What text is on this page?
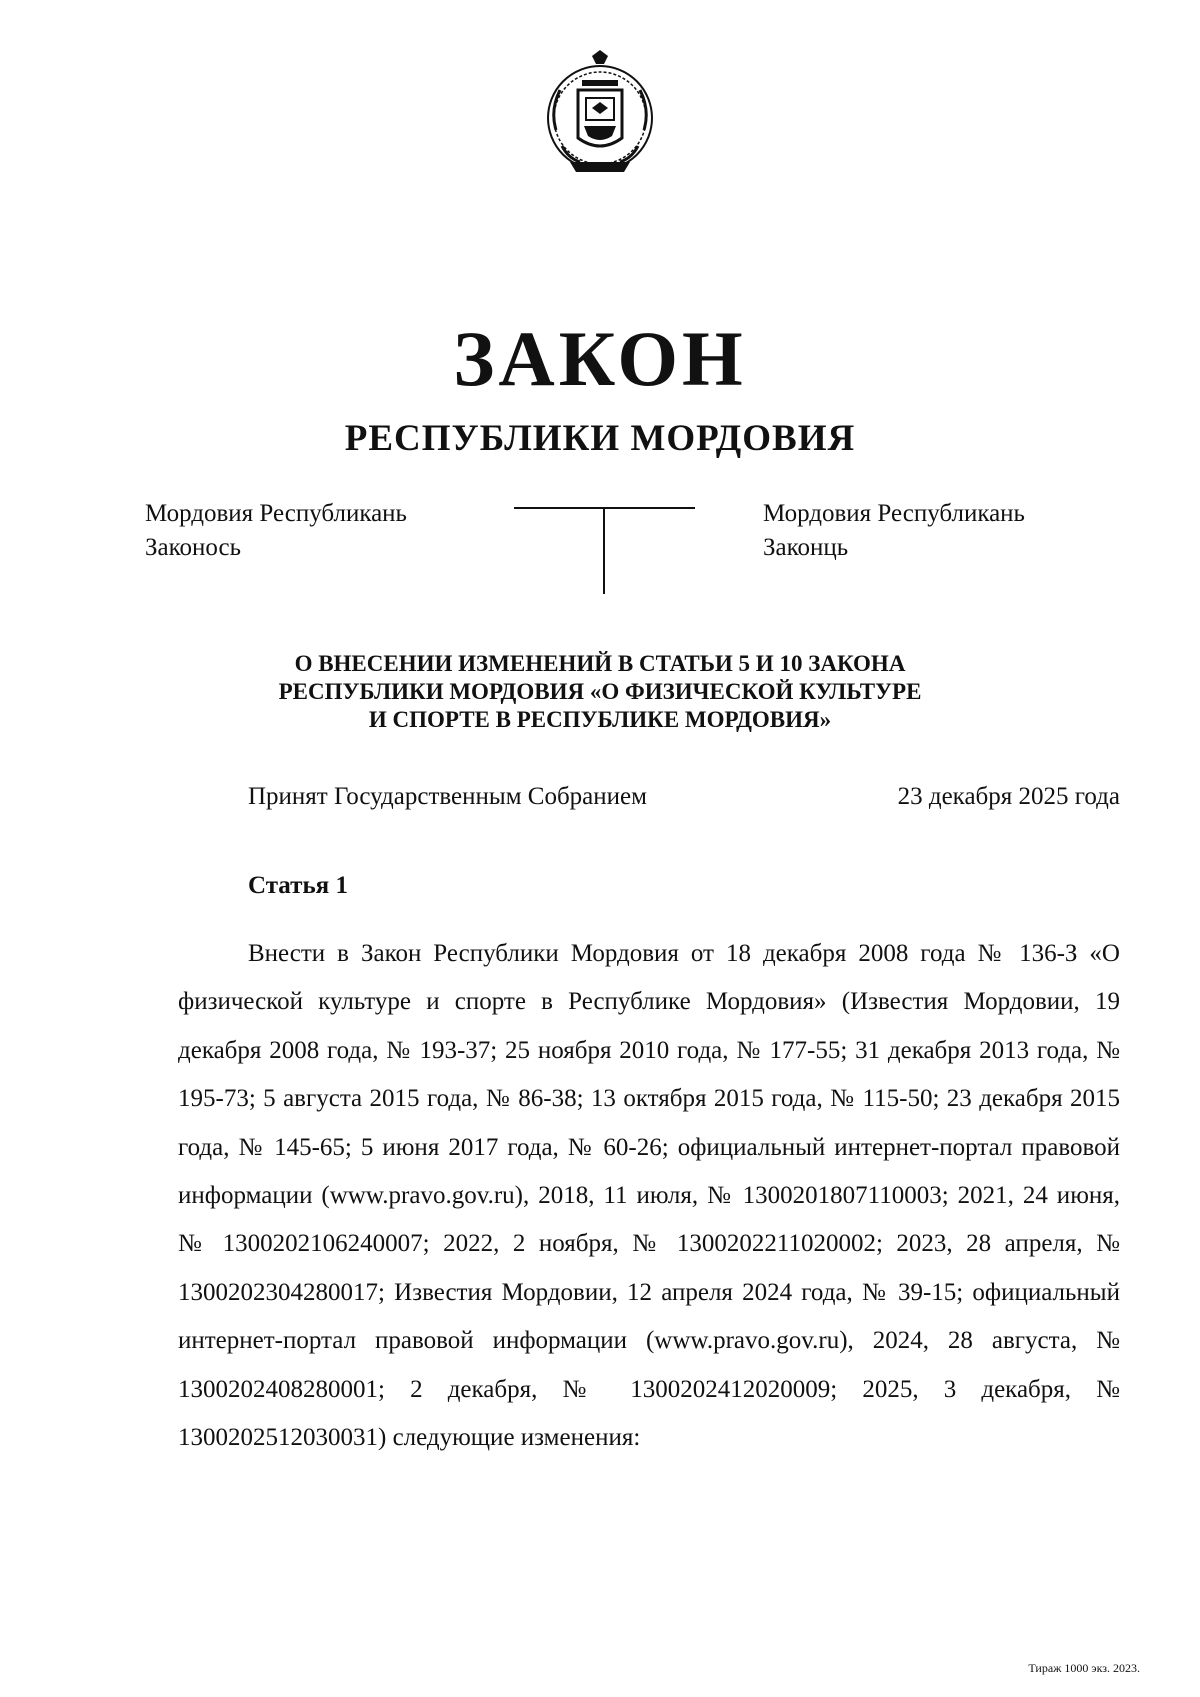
ЗАКОН
РЕСПУБЛИКИ МОРДОВИЯ
Мордовия Республикань
Законось
Мордовия Республикань
Законць
О ВНЕСЕНИИ ИЗМЕНЕНИЙ В СТАТЬИ 5 И 10 ЗАКОНА
РЕСПУБЛИКИ МОРДОВИЯ «О ФИЗИЧЕСКОЙ КУЛЬТУРЕ
И СПОРТЕ В РЕСПУБЛИКЕ МОРДОВИЯ»
Принят Государственным Собранием	23 декабря 2025 года
Статья 1

Внести в Закон Республики Мордовия от 18 декабря 2008 года № 136-З «О физической культуре и спорте в Республике Мордовия» (Известия Мордовии, 19 декабря 2008 года, № 193-37; 25 ноября 2010 года, № 177-55; 31 декабря 2013 года, № 195-73; 5 августа 2015 года, № 86-38; 13 октября 2015 года, № 115-50; 23 декабря 2015 года, № 145-65; 5 июня 2017 года, № 60-26; официальный интернет-портал правовой информации (www.pravo.gov.ru), 2018, 11 июля, № 1300201807110003; 2021, 24 июня, № 1300202106240007; 2022, 2 ноября, № 1300202211020002; 2023, 28 апреля, № 1300202304280017; Известия Мордовии, 12 апреля 2024 года, № 39-15; официальный интернет-портал правовой информации (www.pravo.gov.ru), 2024, 28 августа, № 1300202408280001; 2 декабря, № 1300202412020009; 2025, 3 декабря, № 1300202512030031) следующие изменения:

Тираж 1000 экз. 2023.
